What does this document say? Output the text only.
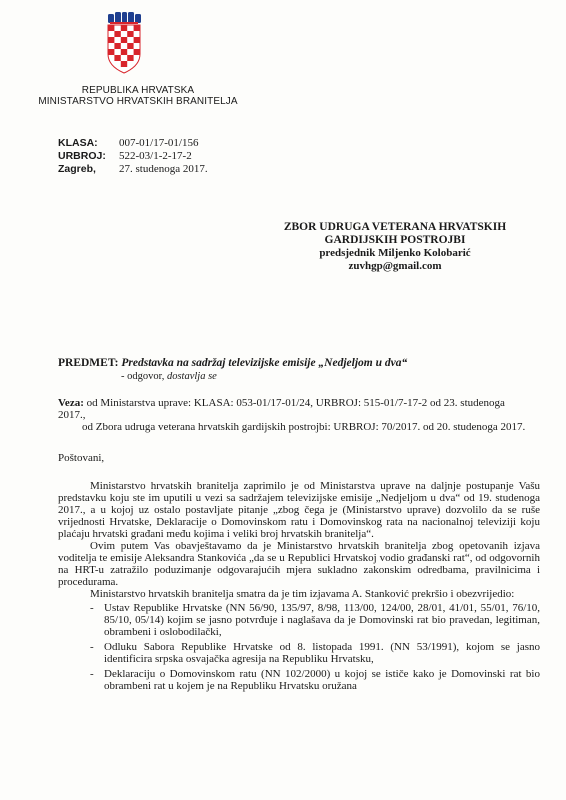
REPUBLIKA HRVATSKA
MINISTARSTVO HRVATSKIH BRANITELJA
KLASA:	007-01/17-01/156
URBROJ:	522-03/1-2-17-2
Zagreb,	27. studenoga 2017.
ZBOR UDRUGA VETERANA HRVATSKIH
GARDIJSKIH POSTROJBI
predsjednik Miljenko Kolobarić
zuvhgp@gmail.com
PREDMET: Predstavka na sadržaj televizijske emisije „Nedjeljom u dva“
- odgovor, dostavlja se
Veza: od Ministarstva uprave: KLASA: 053-01/17-01/24, URBROJ: 515-01/7-17-2 od 23. studenoga 2017.,
od Zbora udruga veterana hrvatskih gardijskih postrojbi: URBROJ: 70/2017. od 20. studenoga 2017.
Poštovani,

Ministarstvo hrvatskih branitelja zaprimilo je od Ministarstva uprave na daljnje postupanje Vašu predstavku koju ste im uputili u vezi sa sadržajem televizijske emisije „Nedjeljom u dva“ od 19. studenoga 2017., a u kojoj uz ostalo postavljate pitanje „zbog čega je (Ministarstvo uprave) dozvolilo da se ruše vrijednosti Hrvatske, Deklaracije o Domovinskom ratu i Domovinskog rata na nacionalnoj televiziji koju plaćaju hrvatski građani među kojima i veliki broj hrvatskih branitelja“.

Ovim putem Vas obavještavamo da je Ministarstvo hrvatskih branitelja zbog opetovanih izjava voditelja te emisije Aleksandra Stankovića „da se u Republici Hrvatskoj vodio građanski rat“, od odgovornih na HRT-u zatražilo poduzimanje odgovarajućih mjera sukladno zakonskim odredbama, pravilnicima i procedurama.

Ministarstvo hrvatskih branitelja smatra da je tim izjavama A. Stanković prekršio i obezvrijedio:

- Ustav Republike Hrvatske (NN 56/90, 135/97, 8/98, 113/00, 124/00, 28/01, 41/01, 55/01, 76/10, 85/10, 05/14) kojim se jasno potvrđuje i naglašava da je Domovinski rat bio pravedan, legitiman, obrambeni i oslobodilački,
- Odluku Sabora Republike Hrvatske od 8. listopada 1991. (NN 53/1991), kojom se jasno identificira srpska osvajačka agresija na Republiku Hrvatsku,
- Deklaraciju o Domovinskom ratu (NN 102/2000) u kojoj se ističe kako je Domovinski rat bio obrambeni rat u kojem je na Republiku Hrvatsku oružana
